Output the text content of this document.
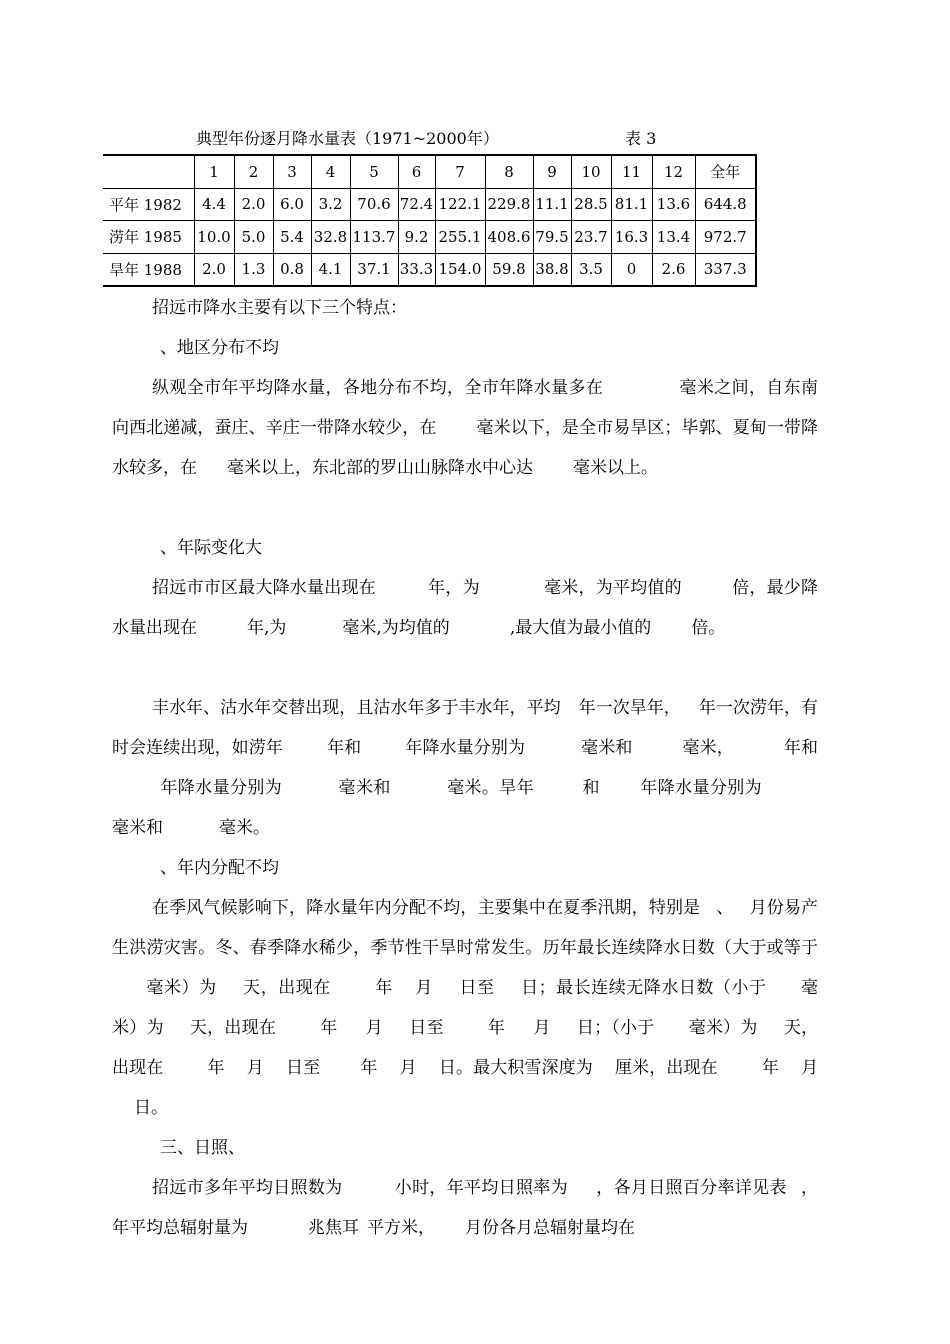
典型年份逐月降水量表（1971~2000年）	表 3
	1	2	3	4	5	6	7	8	9	10	11	12	全年
平年 1982	4.4	2.0	6.0	3.2	70.6	72.4	122.1	229.8	11.1	28.5	81.1	13.6	644.8
涝年 1985	10.0	5.0	5.4	32.8	113.7	9.2	255.1	408.6	79.5	23.7	16.3	13.4	972.7
旱年 1988	2.0	1.3	0.8	4.1	37.1	33.3	154.0	59.8	38.8	3.5	0	2.6	337.3

招远市降水主要有以下三个特点：

、地区分布不均

纵观全市年平均降水量，各地分布不均，全市年降水量多在	毫米之间，自东南向西北递减，蚕庄、辛庄一带降水较少，在 毫米以下，是全市易旱区；毕郭、夏甸一带降水较多，在 毫米以上，东北部的罗山山脉降水中心达 毫米以上。

、年际变化大

招远市市区最大降水量出现在	年，为	毫米，为平均值的	倍，最少降水量出现在	年,为	毫米,为均值的	,最大值为最小值的 倍。

丰水年、沽水年交替出现，且沽水年多于丰水年，平均 年一次旱年， 年一次涝年，有时会连续出现，如涝年	年和	年降水量分别为	毫米和	毫米，	年和年降水量分别为	毫米和	毫米。旱年	和 年降水量分别为毫米和	毫米。

、年内分配不均

在季风气候影响下，降水量年内分配不均，主要集中在夏季汛期，特别是 、 月份易产生洪涝灾害。冬、春季降水稀少，季节性干旱时常发生。历年最长连续降水日数（大于或等于毫米）为 天，出现在	年 月 日至 日；最长连续无降水日数（小于 毫米）为 天，出现在	年 月 日至	年 月 日；（小于 毫米）为 天，出现在	年 月 日至 年 月 日。最大积雪深度为 厘米，出现在	年 月日。

三、日照、

招远市多年平均日照数为	小时，年平均日照率为 ，各月日照百分率详见表 ，年平均总辐射量为	兆焦耳 平方米， 月份各月总辐射量均在
